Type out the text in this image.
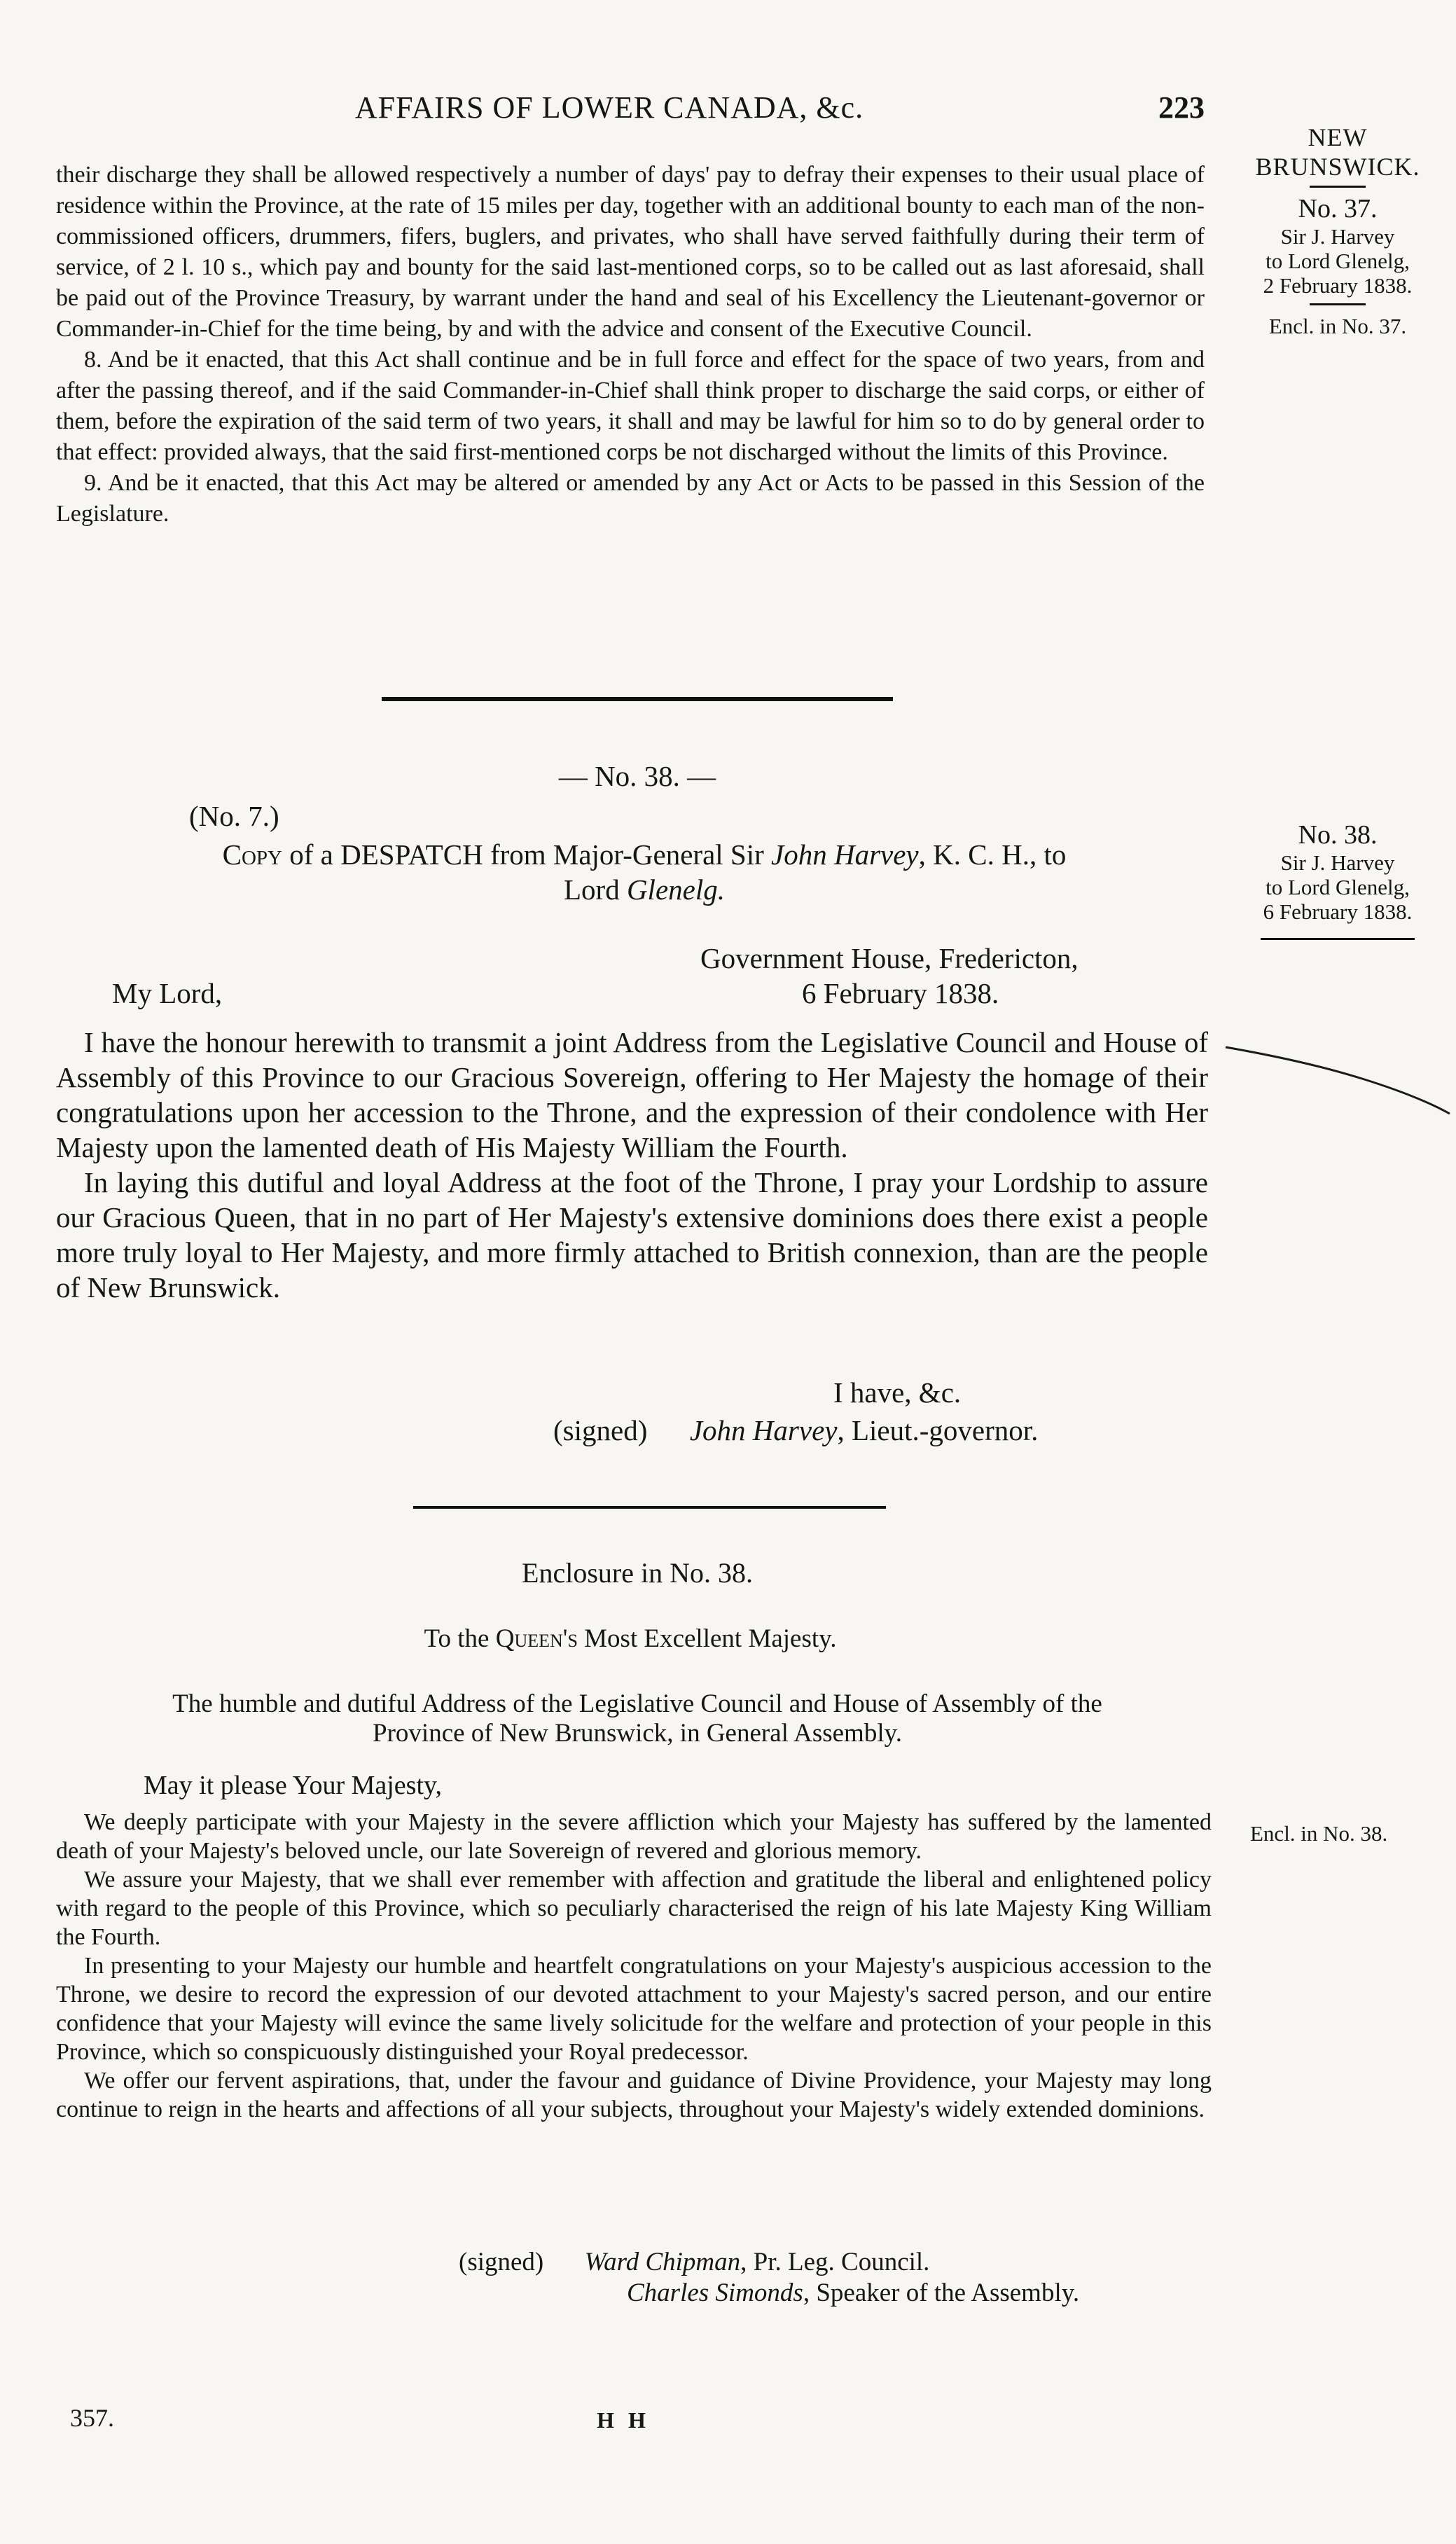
AFFAIRS OF LOWER CANADA, &c.	223
NEW BRUNSWICK.
No. 37.
Sir J. Harvey
to Lord Glenelg,
2 February 1838.
Encl. in No. 37.

their discharge they shall be allowed respectively a number of days' pay to defray their expenses to their usual place of residence within the Province, at the rate of 15 miles per day, together with an additional bounty to each man of the non-commissioned officers, drummers, fifers, buglers, and privates, who shall have served faithfully during their term of service, of 2 l. 10 s., which pay and bounty for the said last-mentioned corps, so to be called out as last aforesaid, shall be paid out of the Province Treasury, by warrant under the hand and seal of his Excellency the Lieutenant-governor or Commander-in-Chief for the time being, by and with the advice and consent of the Executive Council.

8. And be it enacted, that this Act shall continue and be in full force and effect for the space of two years, from and after the passing thereof, and if the said Commander-in-Chief shall think proper to discharge the said corps, or either of them, before the expiration of the said term of two years, it shall and may be lawful for him so to do by general order to that effect: provided always, that the said first-mentioned corps be not discharged without the limits of this Province.

9. And be it enacted, that this Act may be altered or amended by any Act or Acts to be passed in this Session of the Legislature.

— No. 38. —
(No. 7.)
Copy of a DESPATCH from Major-General Sir John Harvey, K. C. H., to
Lord Glenelg.
No. 38.
Sir J. Harvey
to Lord Glenelg,
6 February 1838.
Government House, Fredericton,
My Lord,	6 February 1838.

I have the honour herewith to transmit a joint Address from the Legislative Council and House of Assembly of this Province to our Gracious Sovereign, offering to Her Majesty the homage of their congratulations upon her accession to the Throne, and the expression of their condolence with Her Majesty upon the lamented death of His Majesty William the Fourth.

In laying this dutiful and loyal Address at the foot of the Throne, I pray your Lordship to assure our Gracious Queen, that in no part of Her Majesty's extensive dominions does there exist a people more truly loyal to Her Majesty, and more firmly attached to British connexion, than are the people of New Brunswick.

I have, &c.
(signed) John Harvey, Lieut.-governor.
Enclosure in No. 38.
To the Queen's Most Excellent Majesty.
The humble and dutiful Address of the Legislative Council and House of Assembly of the Province of New Brunswick, in General Assembly.
May it please Your Majesty,

We deeply participate with your Majesty in the severe affliction which your Majesty has suffered by the lamented death of your Majesty's beloved uncle, our late Sovereign of revered and glorious memory.

We assure your Majesty, that we shall ever remember with affection and gratitude the liberal and enlightened policy with regard to the people of this Province, which so peculiarly characterised the reign of his late Majesty King William the Fourth.

In presenting to your Majesty our humble and heartfelt congratulations on your Majesty's auspicious accession to the Throne, we desire to record the expression of our devoted attachment to your Majesty's sacred person, and our entire confidence that your Majesty will evince the same lively solicitude for the welfare and protection of your people in this Province, which so conspicuously distinguished your Royal predecessor.

We offer our fervent aspirations, that, under the favour and guidance of Divine Providence, your Majesty may long continue to reign in the hearts and affections of all your subjects, throughout your Majesty's widely extended dominions.

Encl. in No. 38.
(signed) Ward Chipman, Pr. Leg. Council.
Charles Simonds, Speaker of the Assembly.
357.	H H
